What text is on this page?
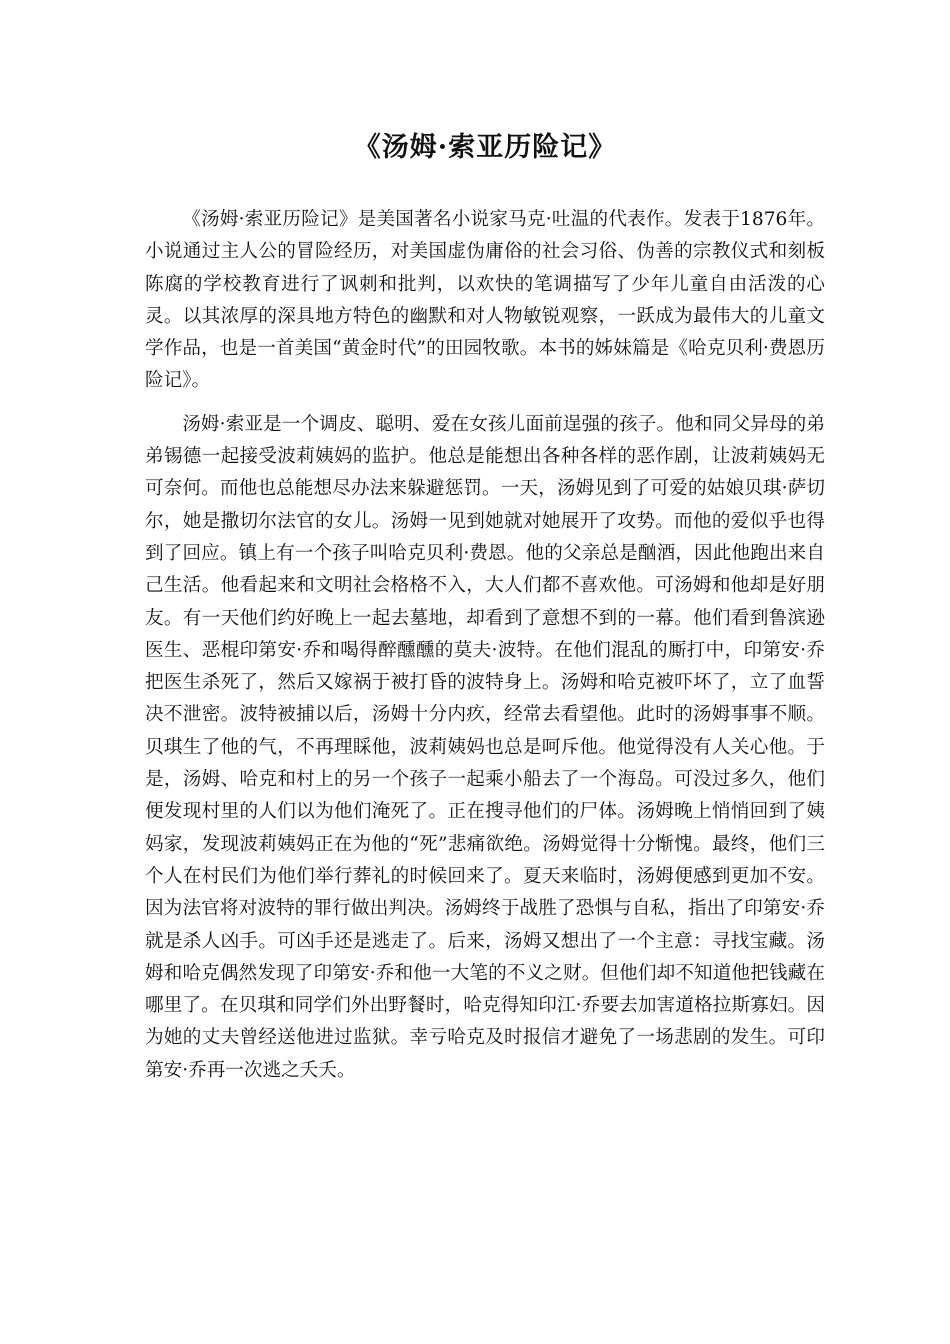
《汤姆·索亚历险记》

《汤姆·索亚历险记》是美国著名小说家马克·吐温的代表作。发表于1876年。小说通过主人公的冒险经历，对美国虚伪庸俗的社会习俗、伪善的宗教仪式和刻板陈腐的学校教育进行了讽刺和批判，以欢快的笔调描写了少年儿童自由活泼的心灵。以其浓厚的深具地方特色的幽默和对人物敏锐观察，一跃成为最伟大的儿童文学作品，也是一首美国“黄金时代”的田园牧歌。本书的姊妹篇是《哈克贝利·费恩历险记》。

汤姆·索亚是一个调皮、聪明、爱在女孩儿面前逞强的孩子。他和同父异母的弟弟锡德一起接受波莉姨妈的监护。他总是能想出各种各样的恶作剧，让波莉姨妈无可奈何。而他也总能想尽办法来躲避惩罚。一天，汤姆见到了可爱的姑娘贝琪·萨切尔，她是撒切尔法官的女儿。汤姆一见到她就对她展开了攻势。而他的爱似乎也得到了回应。镇上有一个孩子叫哈克贝利·费恩。他的父亲总是酗酒，因此他跑出来自己生活。他看起来和文明社会格格不入，大人们都不喜欢他。可汤姆和他却是好朋友。有一天他们约好晚上一起去墓地，却看到了意想不到的一幕。他们看到鲁滨逊医生、恶棍印第安·乔和喝得醉醺醺的莫夫·波特。在他们混乱的厮打中，印第安·乔把医生杀死了，然后又嫁祸于被打昏的波特身上。汤姆和哈克被吓坏了，立了血誓决不泄密。波特被捕以后，汤姆十分内疚，经常去看望他。此时的汤姆事事不顺。贝琪生了他的气，不再理睬他，波莉姨妈也总是呵斥他。他觉得没有人关心他。于是，汤姆、哈克和村上的另一个孩子一起乘小船去了一个海岛。可没过多久，他们便发现村里的人们以为他们淹死了。正在搜寻他们的尸体。汤姆晚上悄悄回到了姨妈家，发现波莉姨妈正在为他的“死”悲痛欲绝。汤姆觉得十分惭愧。最终，他们三个人在村民们为他们举行葬礼的时候回来了。夏天来临时，汤姆便感到更加不安。因为法官将对波特的罪行做出判决。汤姆终于战胜了恐惧与自私，指出了印第安·乔就是杀人凶手。可凶手还是逃走了。后来，汤姆又想出了一个主意：寻找宝藏。汤姆和哈克偶然发现了印第安·乔和他一大笔的不义之财。但他们却不知道他把钱藏在哪里了。在贝琪和同学们外出野餐时，哈克得知印江·乔要去加害道格拉斯寡妇。因为她的丈夫曾经送他进过监狱。幸亏哈克及时报信才避免了一场悲剧的发生。可印第安·乔再一次逃之夭夭。
